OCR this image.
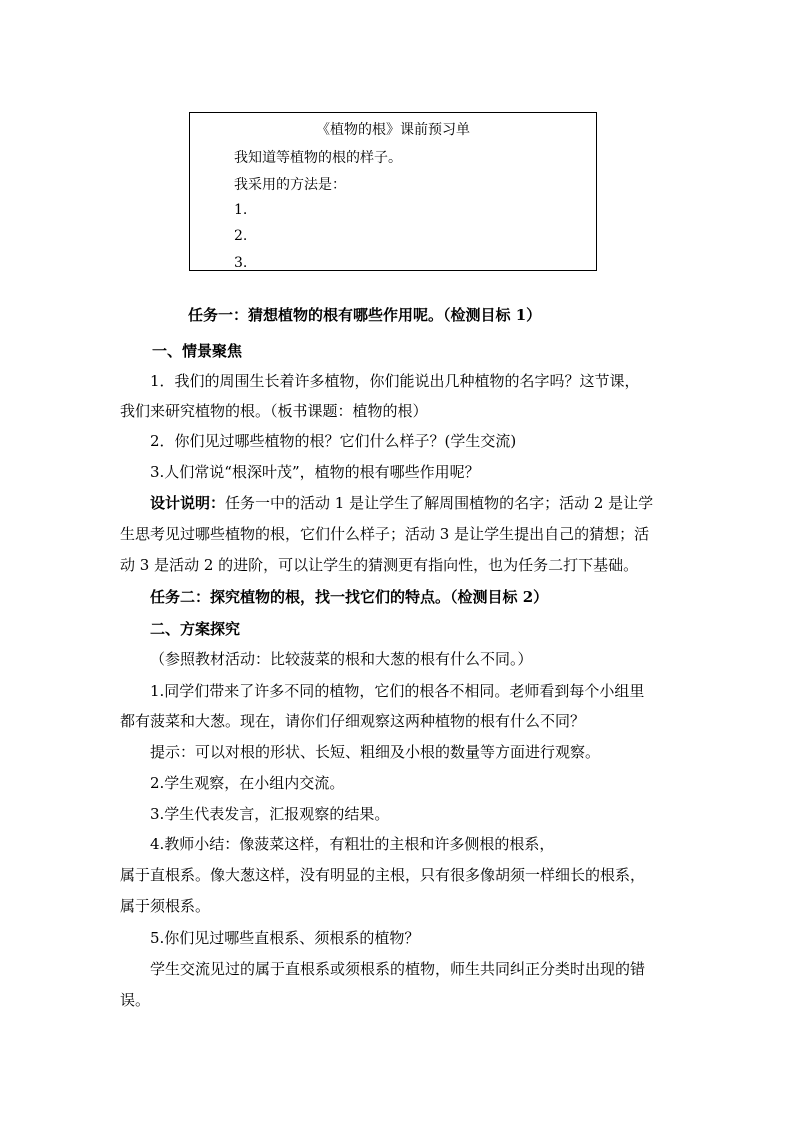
《植物的根》课前预习单
我知道等植物的根的样子。
我采用的方法是：
1.
2.
3.
任务一：猜想植物的根有哪些作用呢。（检测目标 1）
一、情景聚焦
1．我们的周围生长着许多植物，你们能说出几种植物的名字吗？这节课，
我们来研究植物的根。（板书课题：植物的根）
2．你们见过哪些植物的根？它们什么样子？(学生交流)
3.人们常说“根深叶茂”，植物的根有哪些作用呢？
设计说明：任务一中的活动 1 是让学生了解周围植物的名字；活动 2 是让学
生思考见过哪些植物的根，它们什么样子；活动 3 是让学生提出自己的猜想；活
动 3 是活动 2 的进阶，可以让学生的猜测更有指向性，也为任务二打下基础。
任务二：探究植物的根，找一找它们的特点。（检测目标 2）
二、方案探究
（参照教材活动：比较菠菜的根和大葱的根有什么不同。）
1.同学们带来了许多不同的植物，它们的根各不相同。老师看到每个小组里
都有菠菜和大葱。现在，请你们仔细观察这两种植物的根有什么不同？
提示：可以对根的形状、长短、粗细及小根的数量等方面进行观察。
2.学生观察，在小组内交流。
3.学生代表发言，汇报观察的结果。
4.教师小结：像菠菜这样，有粗壮的主根和许多侧根的根系，
属于直根系。像大葱这样，没有明显的主根，只有很多像胡须一样细长的根系，
属于须根系。
5.你们见过哪些直根系、须根系的植物？
学生交流见过的属于直根系或须根系的植物，师生共同纠正分类时出现的错
误。
